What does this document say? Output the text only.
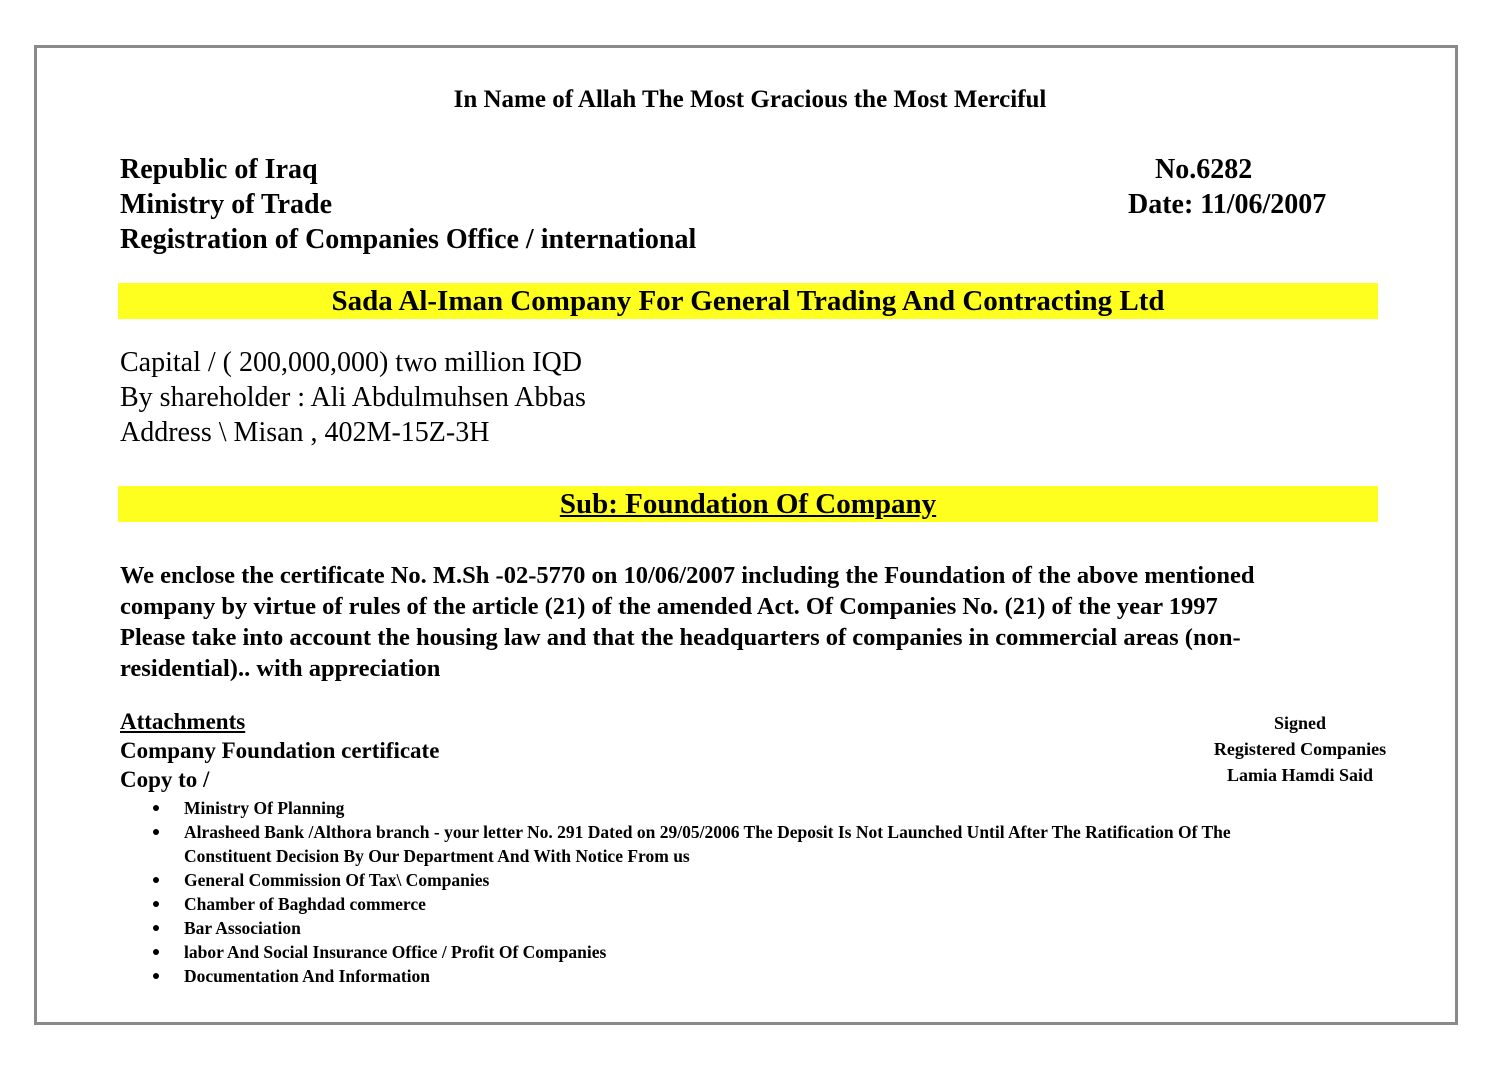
In Name of Allah The Most Gracious the Most Merciful
Republic of Iraq
Ministry of Trade
Registration of Companies Office / international
No.6282
Date: 11/06/2007
Sada Al-Iman Company For General Trading And Contracting Ltd
Capital / ( 200,000,000) two million IQD
By shareholder : Ali Abdulmuhsen Abbas
Address \ Misan , 402M-15Z-3H
Sub: Foundation Of Company
We enclose the certificate No. M.Sh -02-5770 on 10/06/2007 including the Foundation of the above mentioned
company by virtue of rules of the article (21) of the amended Act. Of Companies No. (21) of the year 1997
Please take into account the housing law and that the headquarters of companies in commercial areas (non-
residential).. with appreciation
Attachments
Company Foundation certificate
Copy to /
Signed
Registered Companies
Lamia Hamdi Said
Ministry Of Planning
Alrasheed Bank /Althora branch - your letter No. 291 Dated on 29/05/2006 The Deposit Is Not Launched Until After The Ratification Of The
Constituent Decision By Our Department And With Notice From us
General Commission Of Tax\ Companies
Chamber of Baghdad commerce
Bar Association
labor And Social Insurance Office / Profit Of Companies
Documentation And Information
